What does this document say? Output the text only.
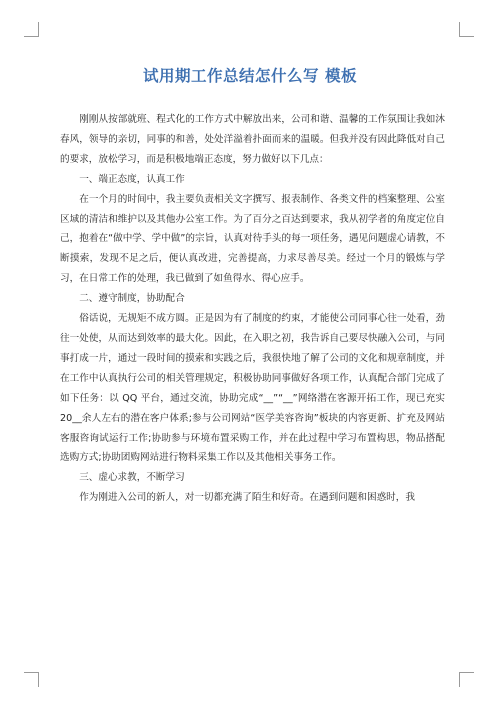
试用期工作总结怎什么写 模板

刚刚从按部就班、程式化的工作方式中解放出来，公司和谐、温馨的工作氛围让我如沐春风，领导的亲切，同事的和善，处处洋溢着扑面而来的温暖。但我并没有因此降低对自己的要求，放松学习，而是积极地端正态度，努力做好以下几点：

一、端正态度，认真工作

在一个月的时间中，我主要负责相关文字撰写、报表制作、各类文件的档案整理、公室区域的清洁和维护以及其他办公室工作。为了百分之百达到要求，我从初学者的角度定位自己，抱着在“做中学、学中做”的宗旨，认真对待手头的每一项任务，遇见问题虚心请教，不断摸索，发现不足之后，便认真改进，完善提高，力求尽善尽美。经过一个月的锻炼与学习，在日常工作的处理，我已做到了如鱼得水、得心应手。

二、遵守制度，协助配合

俗话说，无规矩不成方圆。正是因为有了制度的约束，才能使公司同事心往一处看，劲往一处使，从而达到效率的最大化。因此，在入职之初，我告诉自己要尽快融入公司，与同事打成一片，通过一段时间的摸索和实践之后，我很快地了解了公司的文化和规章制度，并在工作中认真执行公司的相关管理规定，积极协助同事做好各项工作，认真配合部门完成了如下任务：以 QQ 平台，通过交流，协助完成“__”“__”网络潜在客源开拓工作，现已充实 20__余人左右的潜在客户体系;参与公司网站“医学美容咨询”板块的内容更新、扩充及网站客服咨询试运行工作;协助参与环境布置采购工作，并在此过程中学习布置构思，物品搭配选购方式;协助团购网站进行物料采集工作以及其他相关事务工作。

三、虚心求教，不断学习

作为刚进入公司的新人，对一切都充满了陌生和好奇。在遇到问题和困惑时，我
